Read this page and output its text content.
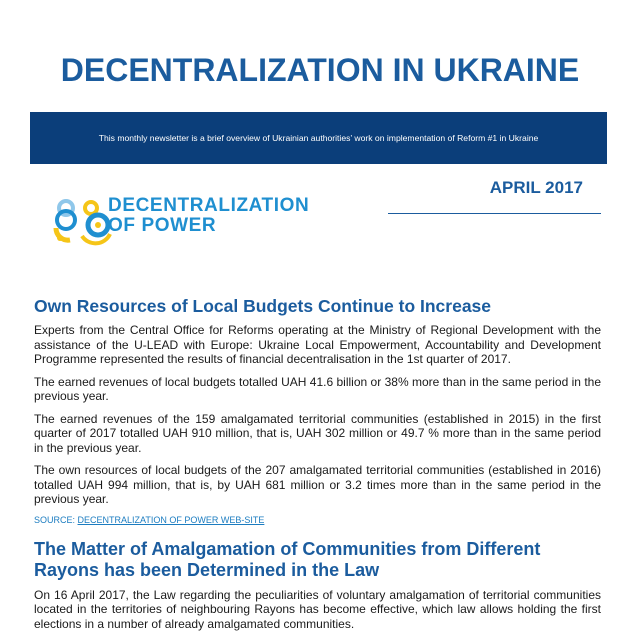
DECENTRALIZATION IN UKRAINE
This monthly newsletter is a brief overview of Ukrainian authorities’ work on implementation of Reform #1 in Ukraine
DECENTRALIZATION
OF POWER
APRIL 2017
Own Resources of Local Budgets Continue to Increase

Experts from the Central Office for Reforms operating at the Ministry of Regional Development with the assistance of the U-LEAD with Europe: Ukraine Local Empowerment, Accountability and Development Programme represented the results of financial decentralisation in the 1st quarter of 2017.

The earned revenues of local budgets totalled UAH 41.6 billion or 38% more than in the same period in the previous year.

The earned revenues of the 159 amalgamated territorial communities (established in 2015) in the first quarter of 2017 totalled UAH 910 million, that is, UAH 302 million or 49.7 % more than in the same period in the previous year.

The own resources of local budgets of the 207 amalgamated territorial communities (established in 2016) totalled UAH 994 million, that is, by UAH 681 million or 3.2 times more than in the same period in the previous year.

SOURCE: DECENTRALIZATION OF POWER WEB-SITE
The Matter of Amalgamation of Communities from Different Rayons has been Determined in the Law

On 16 April 2017, the Law regarding the peculiarities of voluntary amalgamation of territorial communities located in the territories of neighbouring Rayons has become effective, which law allows holding the first elections in a number of already amalgamated communities.
